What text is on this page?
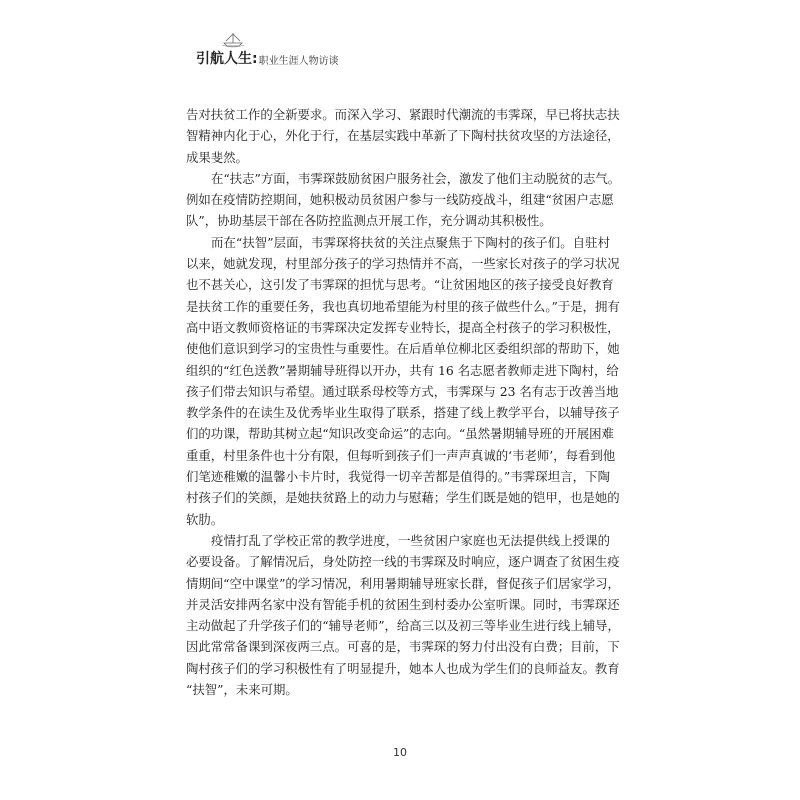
引航人生: 职业生涯人物访谈
告对扶贫工作的全新要求。而深入学习、紧跟时代潮流的韦霁琛，早已将扶志扶
智精神内化于心，外化于行，在基层实践中革新了下陶村扶贫攻坚的方法途径，
成果斐然。
在“扶志”方面，韦霁琛鼓励贫困户服务社会，激发了他们主动脱贫的志气。
例如在疫情防控期间，她积极动员贫困户参与一线防疫战斗，组建“贫困户志愿
队”，协助基层干部在各防控监测点开展工作，充分调动其积极性。
而在“扶智”层面，韦霁琛将扶贫的关注点聚焦于下陶村的孩子们。自驻村
以来，她就发现，村里部分孩子的学习热情并不高，一些家长对孩子的学习状况
也不甚关心，这引发了韦霁琛的担忧与思考。“让贫困地区的孩子接受良好教育
是扶贫工作的重要任务，我也真切地希望能为村里的孩子做些什么。”于是，拥有
高中语文教师资格证的韦霁琛决定发挥专业特长，提高全村孩子的学习积极性，
使他们意识到学习的宝贵性与重要性。在后盾单位柳北区委组织部的帮助下，她
组织的“红色送教”暑期辅导班得以开办，共有 16 名志愿者教师走进下陶村，给
孩子们带去知识与希望。通过联系母校等方式，韦霁琛与 23 名有志于改善当地
教学条件的在读生及优秀毕业生取得了联系，搭建了线上教学平台，以辅导孩子
们的功课，帮助其树立起“知识改变命运”的志向。“虽然暑期辅导班的开展困难
重重，村里条件也十分有限，但每听到孩子们一声声真诚的‘韦老师’，每看到他
们笔迹稚嫩的温馨小卡片时，我觉得一切辛苦都是值得的。”韦霁琛坦言，下陶
村孩子们的笑颜，是她扶贫路上的动力与慰藉；学生们既是她的铠甲，也是她的
软肋。
疫情打乱了学校正常的教学进度，一些贫困户家庭也无法提供线上授课的
必要设备。了解情况后，身处防控一线的韦霁琛及时响应，逐户调查了贫困生疫
情期间“空中课堂”的学习情况，利用暑期辅导班家长群，督促孩子们居家学习，
并灵活安排两名家中没有智能手机的贫困生到村委办公室听课。同时，韦霁琛还
主动做起了升学孩子们的“辅导老师”，给高三以及初三等毕业生进行线上辅导，
因此常常备课到深夜两三点。可喜的是，韦霁琛的努力付出没有白费；目前，下
陶村孩子们的学习积极性有了明显提升，她本人也成为学生们的良师益友。教育
“扶智”，未来可期。
10
